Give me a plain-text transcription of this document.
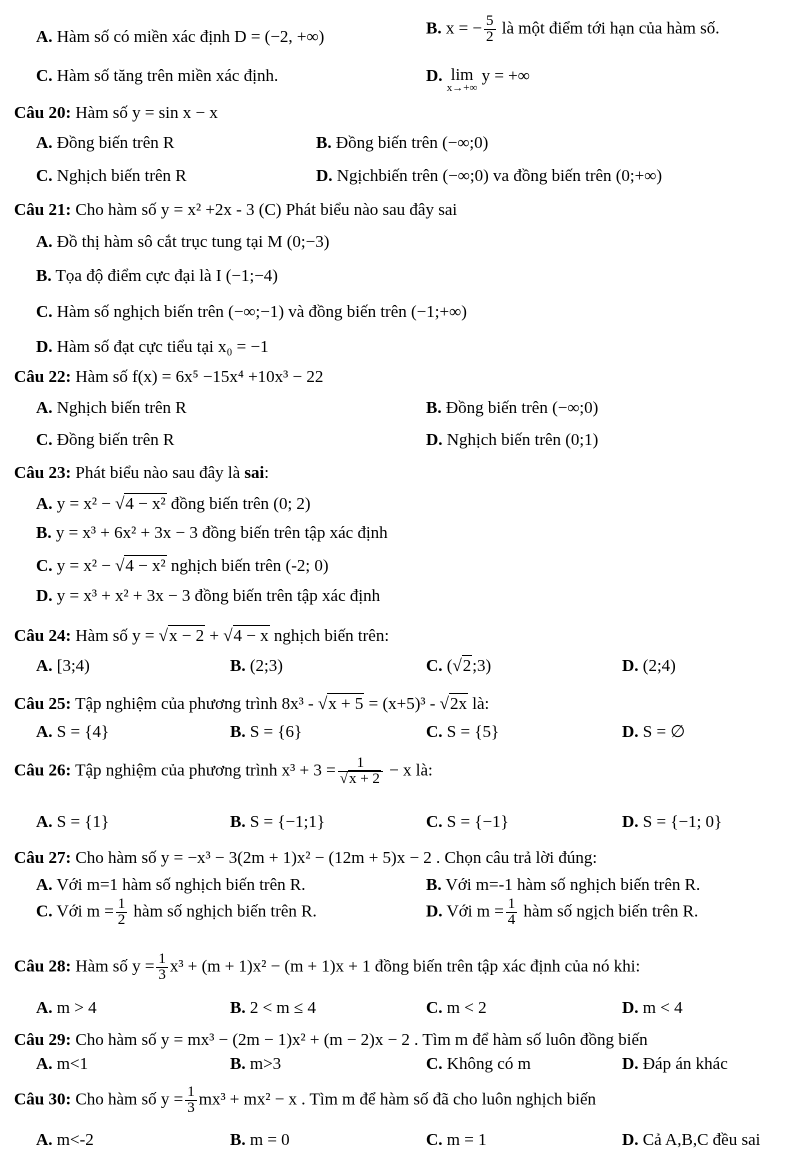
A. Hàm số có miền xác định D = (−2, +∞)	B. x = − $\frac{5}{2}$ là một điểm tới hạn của hàm số.
C. Hàm số tăng trên miền xác định.	D. lim
x→+∞
y = +∞
Câu 20: Hàm số y = sin x − x
A. Đồng biến trên R	B. Đồng biến trên (−∞;0)
C. Nghịch biến trên R	D. Ngịchbiến trên (−∞;0) va đồng biến trên (0;+∞)
Câu 21: Cho hàm số y = x² +2x - 3 (C) Phát biểu nào sau đây sai
A. Đồ thị hàm sô cắt trục tung tại M (0;−3)
B. Tọa độ điểm cực đại là I (−1;−4)
C. Hàm số nghịch biến trên (−∞;−1) và đồng biến trên (−1;+∞)
D. Hàm số đạt cực tiểu tại x₀ = −1
Câu 22: Hàm số f(x) = 6x⁵ −15x⁴ +10x³ − 22
A. Nghịch biến trên R	B. Đồng biến trên (−∞;0)
C. Đồng biến trên R	D. Nghịch biến trên (0;1)
Câu 23: Phát biểu nào sau đây là sai:
A. y = x² − √4 − x² đồng biến trên (0; 2)
B. y = x³ + 6x² + 3x − 3 đồng biến trên tập xác định
C. y = x² − √4 − x² nghịch biến trên (-2; 0)
D. y = x³ + x² + 3x − 3 đồng biến trên tập xác định
Câu 24: Hàm số y = √x − 2 + √4 − x nghịch biến trên:
A. [3;4)	B. (2;3)	C. (√2;3)	D. (2;4)
Câu 25: Tập nghiệm của phương trình 8x³ - √x + 5 = (x+5)³ - √2x là:
A. S = {4}	B. S = {6}	C. S = {5}	D. S = ∅
Câu 26: Tập nghiệm của phương trình $x^3 + 3 = \frac{1}{√x + 2} - x$ là:
A. S = {1}	B. S = {−1;1}	C. S = {−1}	D. S = {−1; 0}
Câu 27: Cho hàm số y = −x³ − 3(2m + 1)x² − (12m + 5)x − 2 . Chọn câu trả lời đúng:
A. Với m=1 hàm số nghịch biến trên R.	B. Với m=-1 hàm số nghịch biến trên R.
C. Với $m = \frac{1}{2}$ hàm số nghịch biến trên R.	D. Với $m = \frac{1}{4}$ hàm số ngịch biến trên R.
Câu 28: Hàm số $y = \frac{1}{3} x^3 + (m + 1)x^2 - (m + 1)x + 1$ đồng biến trên tập xác định của nó khi:
A. m > 4	B. 2 < m ≤ 4	C. m < 2	D. m < 4
Câu 29: Cho hàm số y = mx³ − (2m − 1)x² + (m − 2)x − 2 . Tìm m để hàm số luôn đồng biến
A. m<1	B. m>3	C. Không có m	D. Đáp án khác
Câu 30: Cho hàm số $y = \frac{1}{3} mx^3 + mx^2 - x$ . Tìm m để hàm số đã cho luôn nghịch biến
A. m<-2	B. m = 0	C. m = 1	D. Cả A,B,C đều sai
